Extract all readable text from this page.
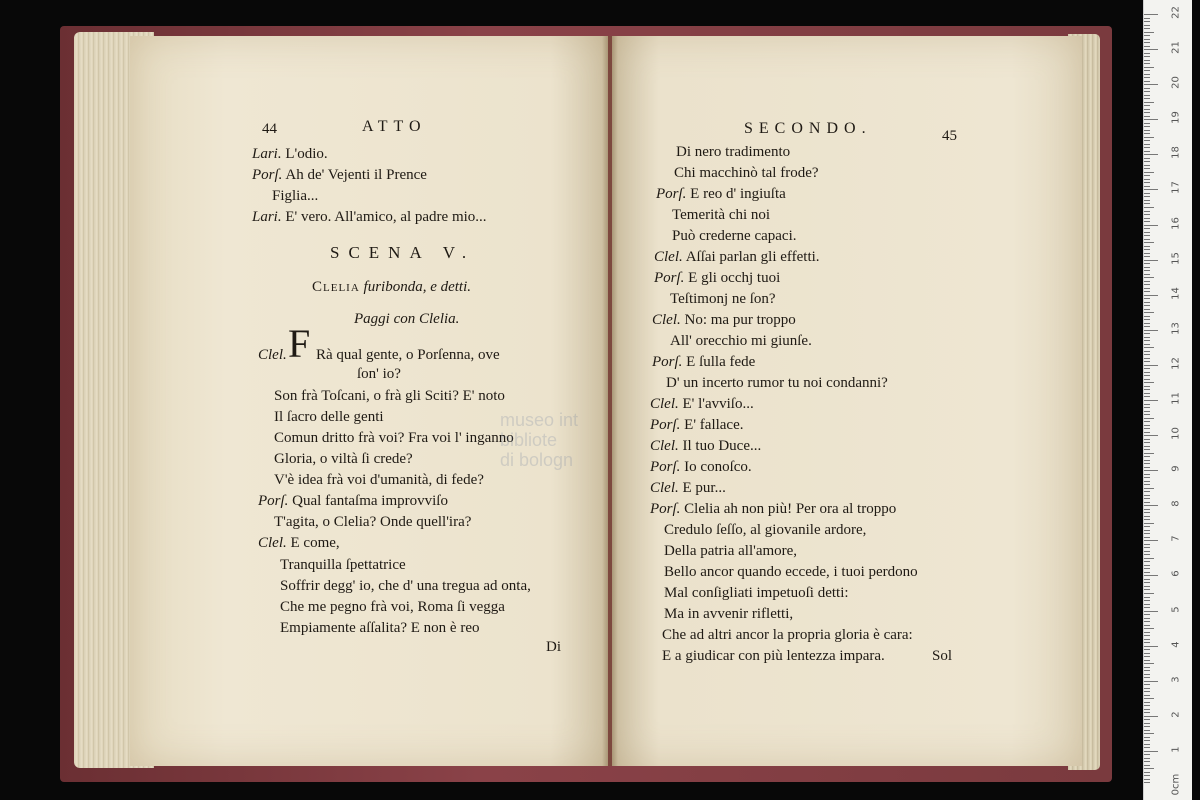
44	ATTO
Lari. L'odio.
Porſ. Ah de' Vejenti il Prence
Figlia...
Lari. E' vero. All'amico, al padre mio...
SCENA V.
Clelia furibonda, e detti.
Paggi con Clelia.
Clel. F Rà qual gente, o Porſenna, ove
ſon' io?
Son frà Toſcani, o frà gli Sciti? E' noto
Il ſacro delle genti
Comun dritto frà voi? Fra voi l' inganno
Gloria, o viltà ſi crede?
V'è idea frà voi d'umanità, di fede?
Porſ. Qual fantaſma improvviſo
T'agita, o Clelia? Onde quell'ira?
Clel. E come,
Tranquilla ſpettatrice
Soffrir degg' io, che d' una tregua ad onta,
Che me pegno frà voi, Roma ſi vegga
Empiamente aſſalita? E non è reo
Di
SECONDO.	45
Di nero tradimento
Chi macchinò tal frode?
Porſ. E reo d' ingiuſta
Temerità chi noi
Può crederne capaci.
Clel. Aſſai parlan gli effetti.
Porſ. E gli occhj tuoi
Teſtimonj ne ſon?
Clel. No: ma pur troppo
All' orecchio mi giunſe.
Porſ. E ſulla fede
D' un incerto rumor tu noi condanni?
Clel. E' l'avviſo...
Porſ. E' fallace.
Clel. Il tuo Duce...
Porſ. Io conoſco.
Clel. E pur...
Porſ. Clelia ah non più! Per ora al troppo
Credulo ſeſſo, al giovanile ardore,
Della patria all'amore,
Bello ancor quando eccede, i tuoi perdono
Mal conſigliati impetuoſi detti:
Ma in avvenir rifletti,
Che ad altri ancor la propria gloria è cara:
E a giudicar con più lentezza impara.	Sol
museo int
bibliote
di bologn
22
21
20
19
18
17
16
15
14
13
12
11
10
9
8
7
6
5
4
3
2
1
0cm
